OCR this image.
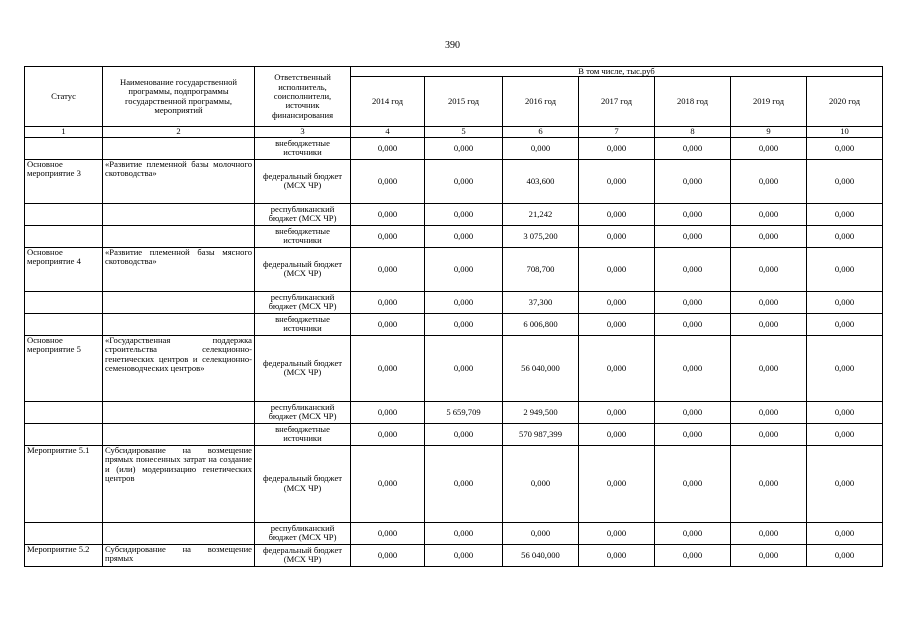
390
Статус	Наименование государственной программы, подпрограммы государственной программы, мероприятий	Ответственный исполнитель, соисполнители, источник финансирования	В том числе, тыс.руб						
			2014 год	2015 год	2016 год	2017 год	2018 год	2019 год	2020 год
1	2	3	4	5	6	7	8	9	10
		внебюджетные источники	0,000	0,000	0,000	0,000	0,000	0,000	0,000
Основное мероприятие 3	«Развитие племенной базы молочного скотоводства»	федеральный бюджет (МСХ ЧР)	0,000	0,000	403,600	0,000	0,000	0,000	0,000
		республиканский бюджет (МСХ ЧР)	0,000	0,000	21,242	0,000	0,000	0,000	0,000
		внебюджетные источники	0,000	0,000	3 075,200	0,000	0,000	0,000	0,000
Основное мероприятие 4	«Развитие племенной базы мясного скотоводства»	федеральный бюджет (МСХ ЧР)	0,000	0,000	708,700	0,000	0,000	0,000	0,000
		республиканский бюджет (МСХ ЧР)	0,000	0,000	37,300	0,000	0,000	0,000	0,000
		внебюджетные источники	0,000	0,000	6 006,800	0,000	0,000	0,000	0,000
Основное мероприятие 5	«Государственная поддержка строительства селекционно-генетических центров и селекционно-семеноводческих центров»	федеральный бюджет (МСХ ЧР)	0,000	0,000	56 040,000	0,000	0,000	0,000	0,000
		республиканский бюджет (МСХ ЧР)	0,000	5 659,709	2 949,500	0,000	0,000	0,000	0,000
		внебюджетные источники	0,000	0,000	570 987,399	0,000	0,000	0,000	0,000
Мероприятие 5.1	Субсидирование на возмещение прямых понесенных затрат на создание и (или) модернизацию генетических центров	федеральный бюджет (МСХ ЧР)	0,000	0,000	0,000	0,000	0,000	0,000	0,000
		республиканский бюджет (МСХ ЧР)	0,000	0,000	0,000	0,000	0,000	0,000	0,000
Мероприятие 5.2	Субсидирование на возмещение прямых	федеральный бюджет (МСХ ЧР)	0,000	0,000	56 040,000	0,000	0,000	0,000	0,000
